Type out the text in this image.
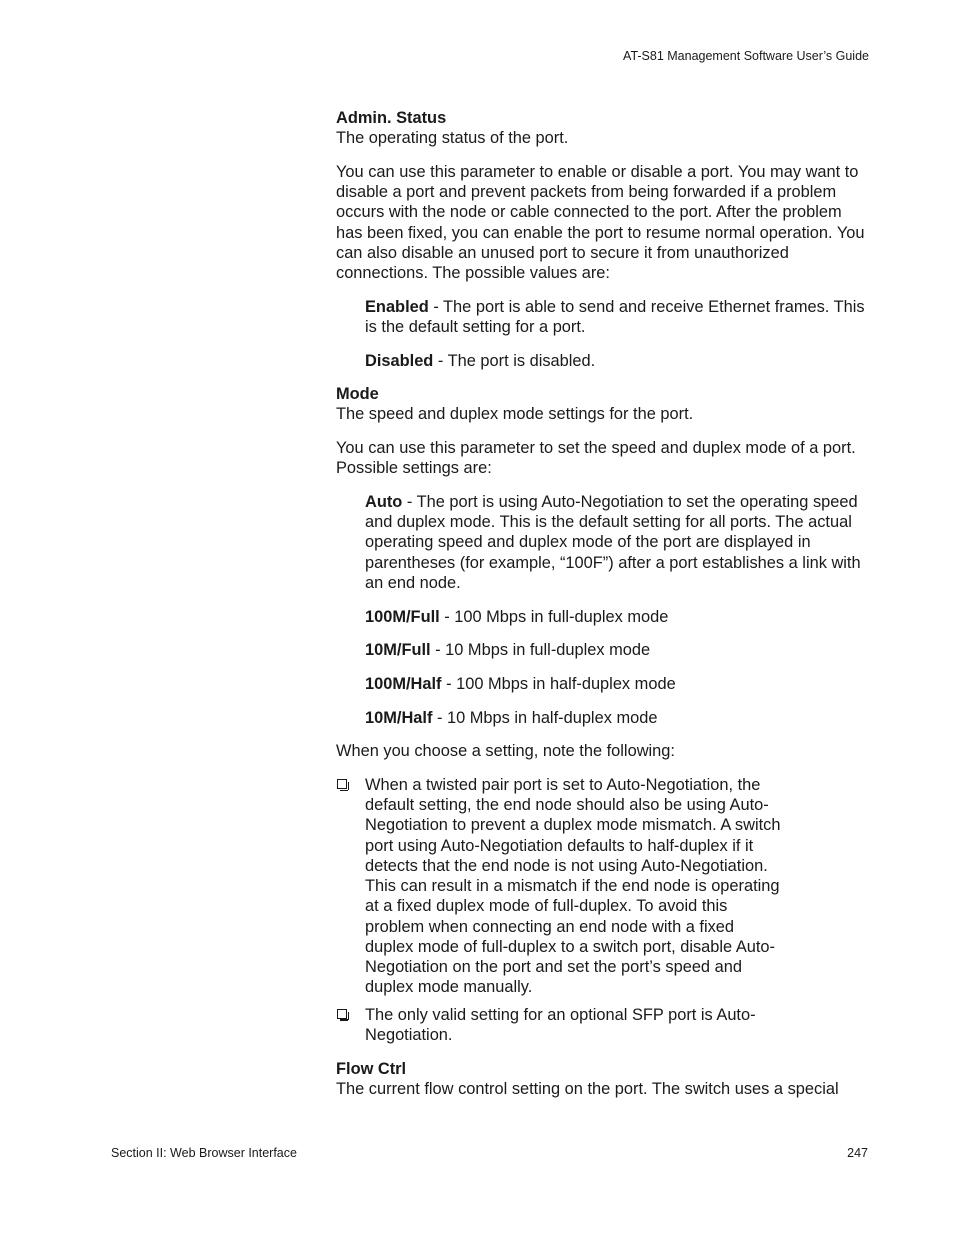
AT-S81 Management Software User’s Guide

Admin. Status

The operating status of the port.

You can use this parameter to enable or disable a port. You may want to disable a port and prevent packets from being forwarded if a problem occurs with the node or cable connected to the port. After the problem has been fixed, you can enable the port to resume normal operation. You can also disable an unused port to secure it from unauthorized connections. The possible values are:

Enabled - The port is able to send and receive Ethernet frames. This is the default setting for a port.

Disabled - The port is disabled.

Mode

The speed and duplex mode settings for the port.

You can use this parameter to set the speed and duplex mode of a port. Possible settings are:

Auto - The port is using Auto-Negotiation to set the operating speed and duplex mode. This is the default setting for all ports. The actual operating speed and duplex mode of the port are displayed in parentheses (for example, “100F”) after a port establishes a link with an end node.

100M/Full - 100 Mbps in full-duplex mode

10M/Full - 10 Mbps in full-duplex mode

100M/Half - 100 Mbps in half-duplex mode

10M/Half - 10 Mbps in half-duplex mode

When you choose a setting, note the following:

When a twisted pair port is set to Auto-Negotiation, the default setting, the end node should also be using Auto-Negotiation to prevent a duplex mode mismatch. A switch port using Auto-Negotiation defaults to half-duplex if it detects that the end node is not using Auto-Negotiation. This can result in a mismatch if the end node is operating at a fixed duplex mode of full-duplex. To avoid this problem when connecting an end node with a fixed duplex mode of full-duplex to a switch port, disable Auto-Negotiation on the port and set the port’s speed and duplex mode manually.
The only valid setting for an optional SFP port is Auto-Negotiation.

Flow Ctrl

The current flow control setting on the port. The switch uses a special

Section II: Web Browser Interface	247
